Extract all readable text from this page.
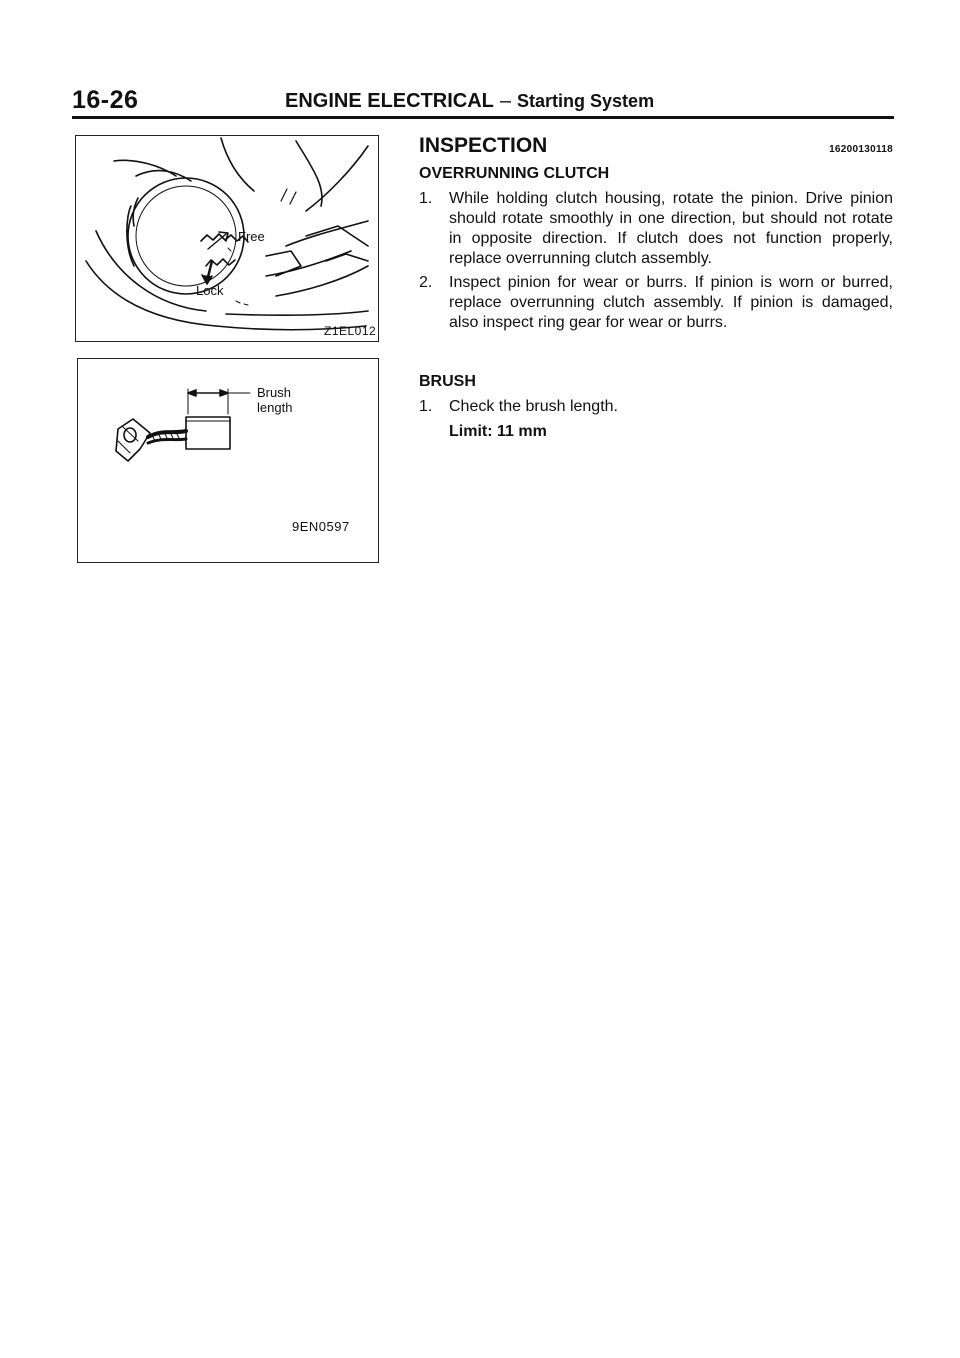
16-26	ENGINE ELECTRICAL – Starting System
Free
Lock
Z1EL012
Brush
length
9EN0597
INSPECTION	16200130118
OVERRUNNING CLUTCH
1.	While holding clutch housing, rotate the pinion. Drive pinion should rotate smoothly in one direction, but should not rotate in opposite direction. If clutch does not function properly, replace overrunning clutch assembly.
2.	Inspect pinion for wear or burrs. If pinion is worn or burred, replace overrunning clutch assembly. If pinion is damaged, also inspect ring gear for wear or burrs.
BRUSH
1.	Check the brush length.
Limit: 11 mm
